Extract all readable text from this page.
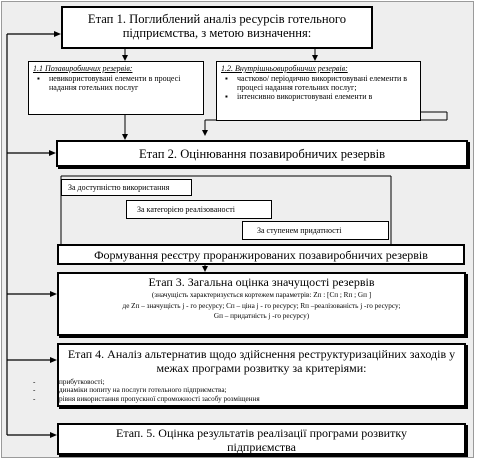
Етап 1. Поглиблений аналіз ресурсів готельного підприємства, з метою визначення:
1.1 Позавиробничих резервів:
▪ невикористовувані елементи в процесі надання готельних послуг
1.2. Внутрішньовиробничих резервів:
▪ частково/ періодично використовувані елементи в процесі надання готельних послуг;
▪ інтенсивно використовувані елементи в
Етап 2. Оцінювання позавиробничих резервів
За доступністю використання
За категорією реалізованості
За ступенем придатності
Формування реєстру проранжированих позавиробничих резервів
Етап 3. Загальна оцінка значущості резервів
(значущість характеризується кортежем параметрів: Zп : [Cп ; Rп ; Gп ]
де Zп – значущість j - го ресурсу; Cп – ціна j - го ресурсу; Rп –реалізованість j -го ресурсу;
Gп – придатність j -го ресурсу)
Етап 4. Аналіз альтернатив щодо здійснення реструктуризаційних заходів у межах програми розвитку за критеріями:
-	прибутковості;
-	динаміки попиту на послуги готельного підприємства;
-	рівня використання пропускної спроможності засобу розміщення
Етап. 5. Оцінка результатів реалізації програми розвитку підприємства
